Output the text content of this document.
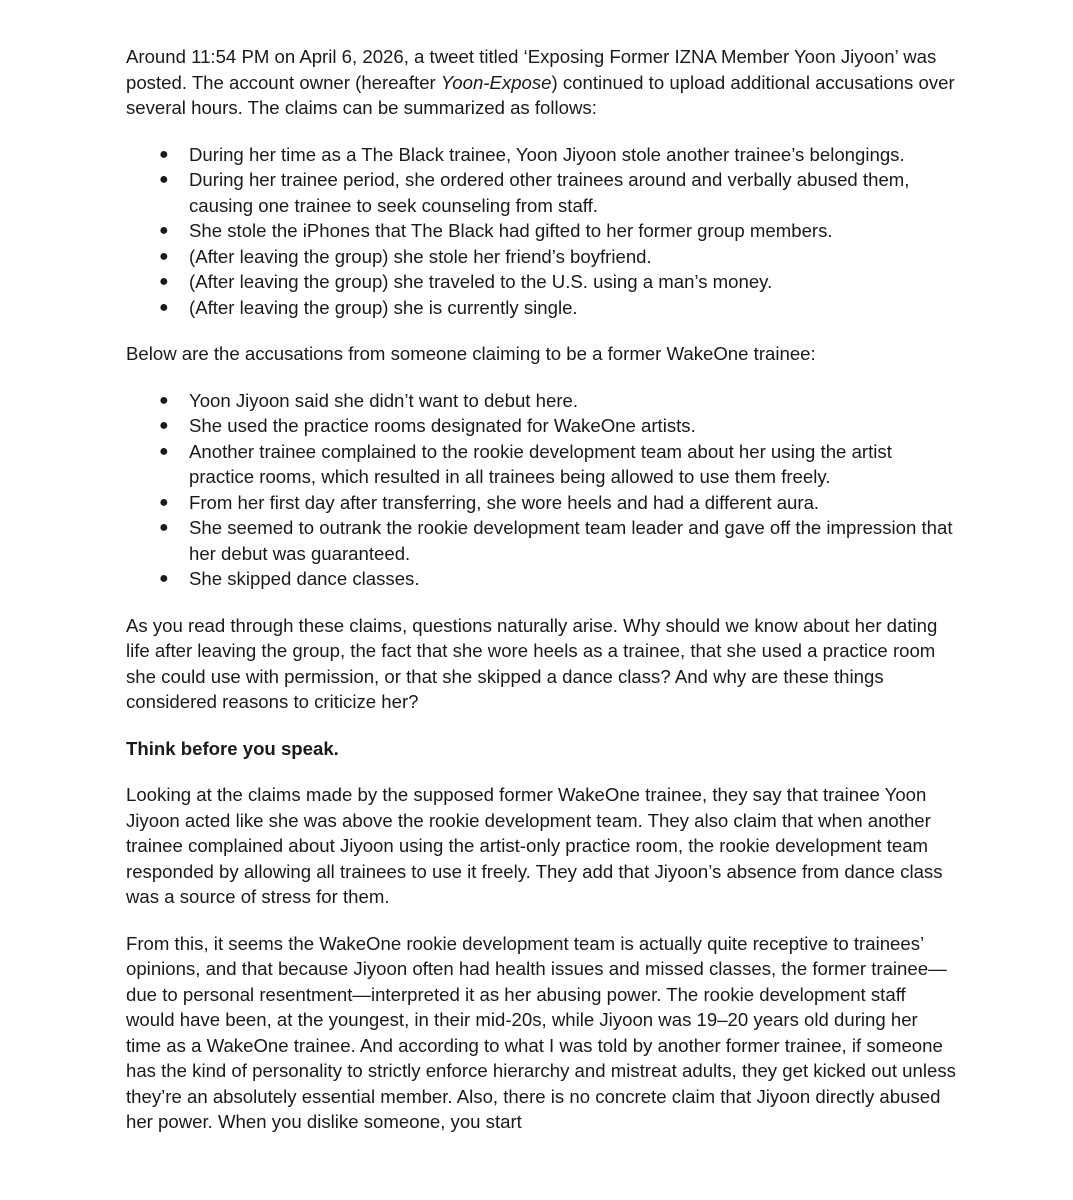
Around 11:54 PM on April 6, 2026, a tweet titled ‘Exposing Former IZNA Member Yoon Jiyoon’ was posted. The account owner (hereafter Yoon-Expose) continued to upload additional accusations over several hours. The claims can be summarized as follows:

● During her time as a The Black trainee, Yoon Jiyoon stole another trainee’s belongings.
● During her trainee period, she ordered other trainees around and verbally abused them, causing one trainee to seek counseling from staff.
● She stole the iPhones that The Black had gifted to her former group members.
● (After leaving the group) she stole her friend’s boyfriend.
● (After leaving the group) she traveled to the U.S. using a man’s money.
● (After leaving the group) she is currently single.

Below are the accusations from someone claiming to be a former WakeOne trainee:

● Yoon Jiyoon said she didn’t want to debut here.
● She used the practice rooms designated for WakeOne artists.
● Another trainee complained to the rookie development team about her using the artist practice rooms, which resulted in all trainees being allowed to use them freely.
● From her first day after transferring, she wore heels and had a different aura.
● She seemed to outrank the rookie development team leader and gave off the impression that her debut was guaranteed.
● She skipped dance classes.

As you read through these claims, questions naturally arise. Why should we know about her dating life after leaving the group, the fact that she wore heels as a trainee, that she used a practice room she could use with permission, or that she skipped a dance class? And why are these things considered reasons to criticize her?

Think before you speak.

Looking at the claims made by the supposed former WakeOne trainee, they say that trainee Yoon Jiyoon acted like she was above the rookie development team. They also claim that when another trainee complained about Jiyoon using the artist-only practice room, the rookie development team responded by allowing all trainees to use it freely. They add that Jiyoon’s absence from dance class was a source of stress for them.

From this, it seems the WakeOne rookie development team is actually quite receptive to trainees’ opinions, and that because Jiyoon often had health issues and missed classes, the former trainee—due to personal resentment—interpreted it as her abusing power. The rookie development staff would have been, at the youngest, in their mid-20s, while Jiyoon was 19–20 years old during her time as a WakeOne trainee. And according to what I was told by another former trainee, if someone has the kind of personality to strictly enforce hierarchy and mistreat adults, they get kicked out unless they’re an absolutely essential member. Also, there is no concrete claim that Jiyoon directly abused her power. When you dislike someone, you start
